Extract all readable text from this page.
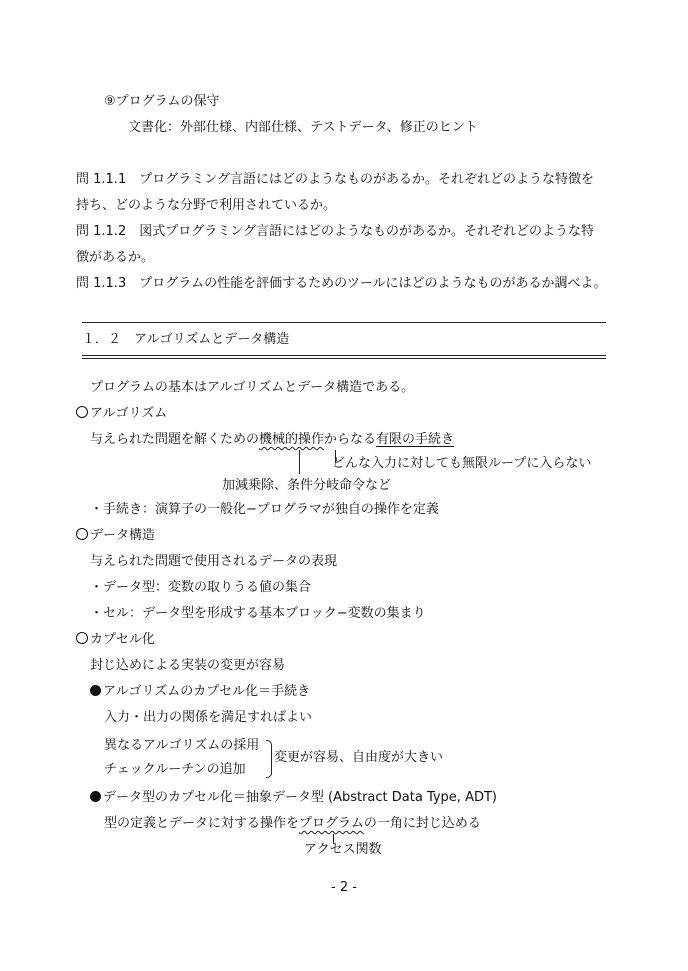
⑨プログラムの保守
文書化：外部仕様、内部仕様、テストデータ、修正のヒント
問 1.1.1　プログラミング言語にはどのようなものがあるか。それぞれどのような特徴を
持ち、どのような分野で利用されているか。
問 1.1.2　図式プログラミング言語にはどのようなものがあるか。それぞれどのような特
徴があるか。
問 1.1.3　プログラムの性能を評価するためのツールにはどのようなものがあるか調べよ。
１．２　アルゴリズムとデータ構造
プログラムの基本はアルゴリズムとデータ構造である。
アルゴリズム
与えられた問題を解くための機械的操作からなる有限の手続き
どんな入力に対しても無限ループに入らない
加減乗除、条件分岐命令など
・手続き：演算子の一般化−プログラマが独自の操作を定義
データ構造
与えられた問題で使用されるデータの表現
・データ型：変数の取りうる値の集合
・セル：データ型を形成する基本ブロック−変数の集まり
カプセル化
封じ込めによる実装の変更が容易
アルゴリズムのカプセル化＝手続き
入力・出力の関係を満足すればよい
異なるアルゴリズムの採用
チェックルーチンの追加
変更が容易、自由度が大きい
データ型のカプセル化＝抽象データ型 (Abstract Data Type, ADT)
型の定義とデータに対する操作をプログラムの一角に封じ込める
アクセス関数
- 2 -
